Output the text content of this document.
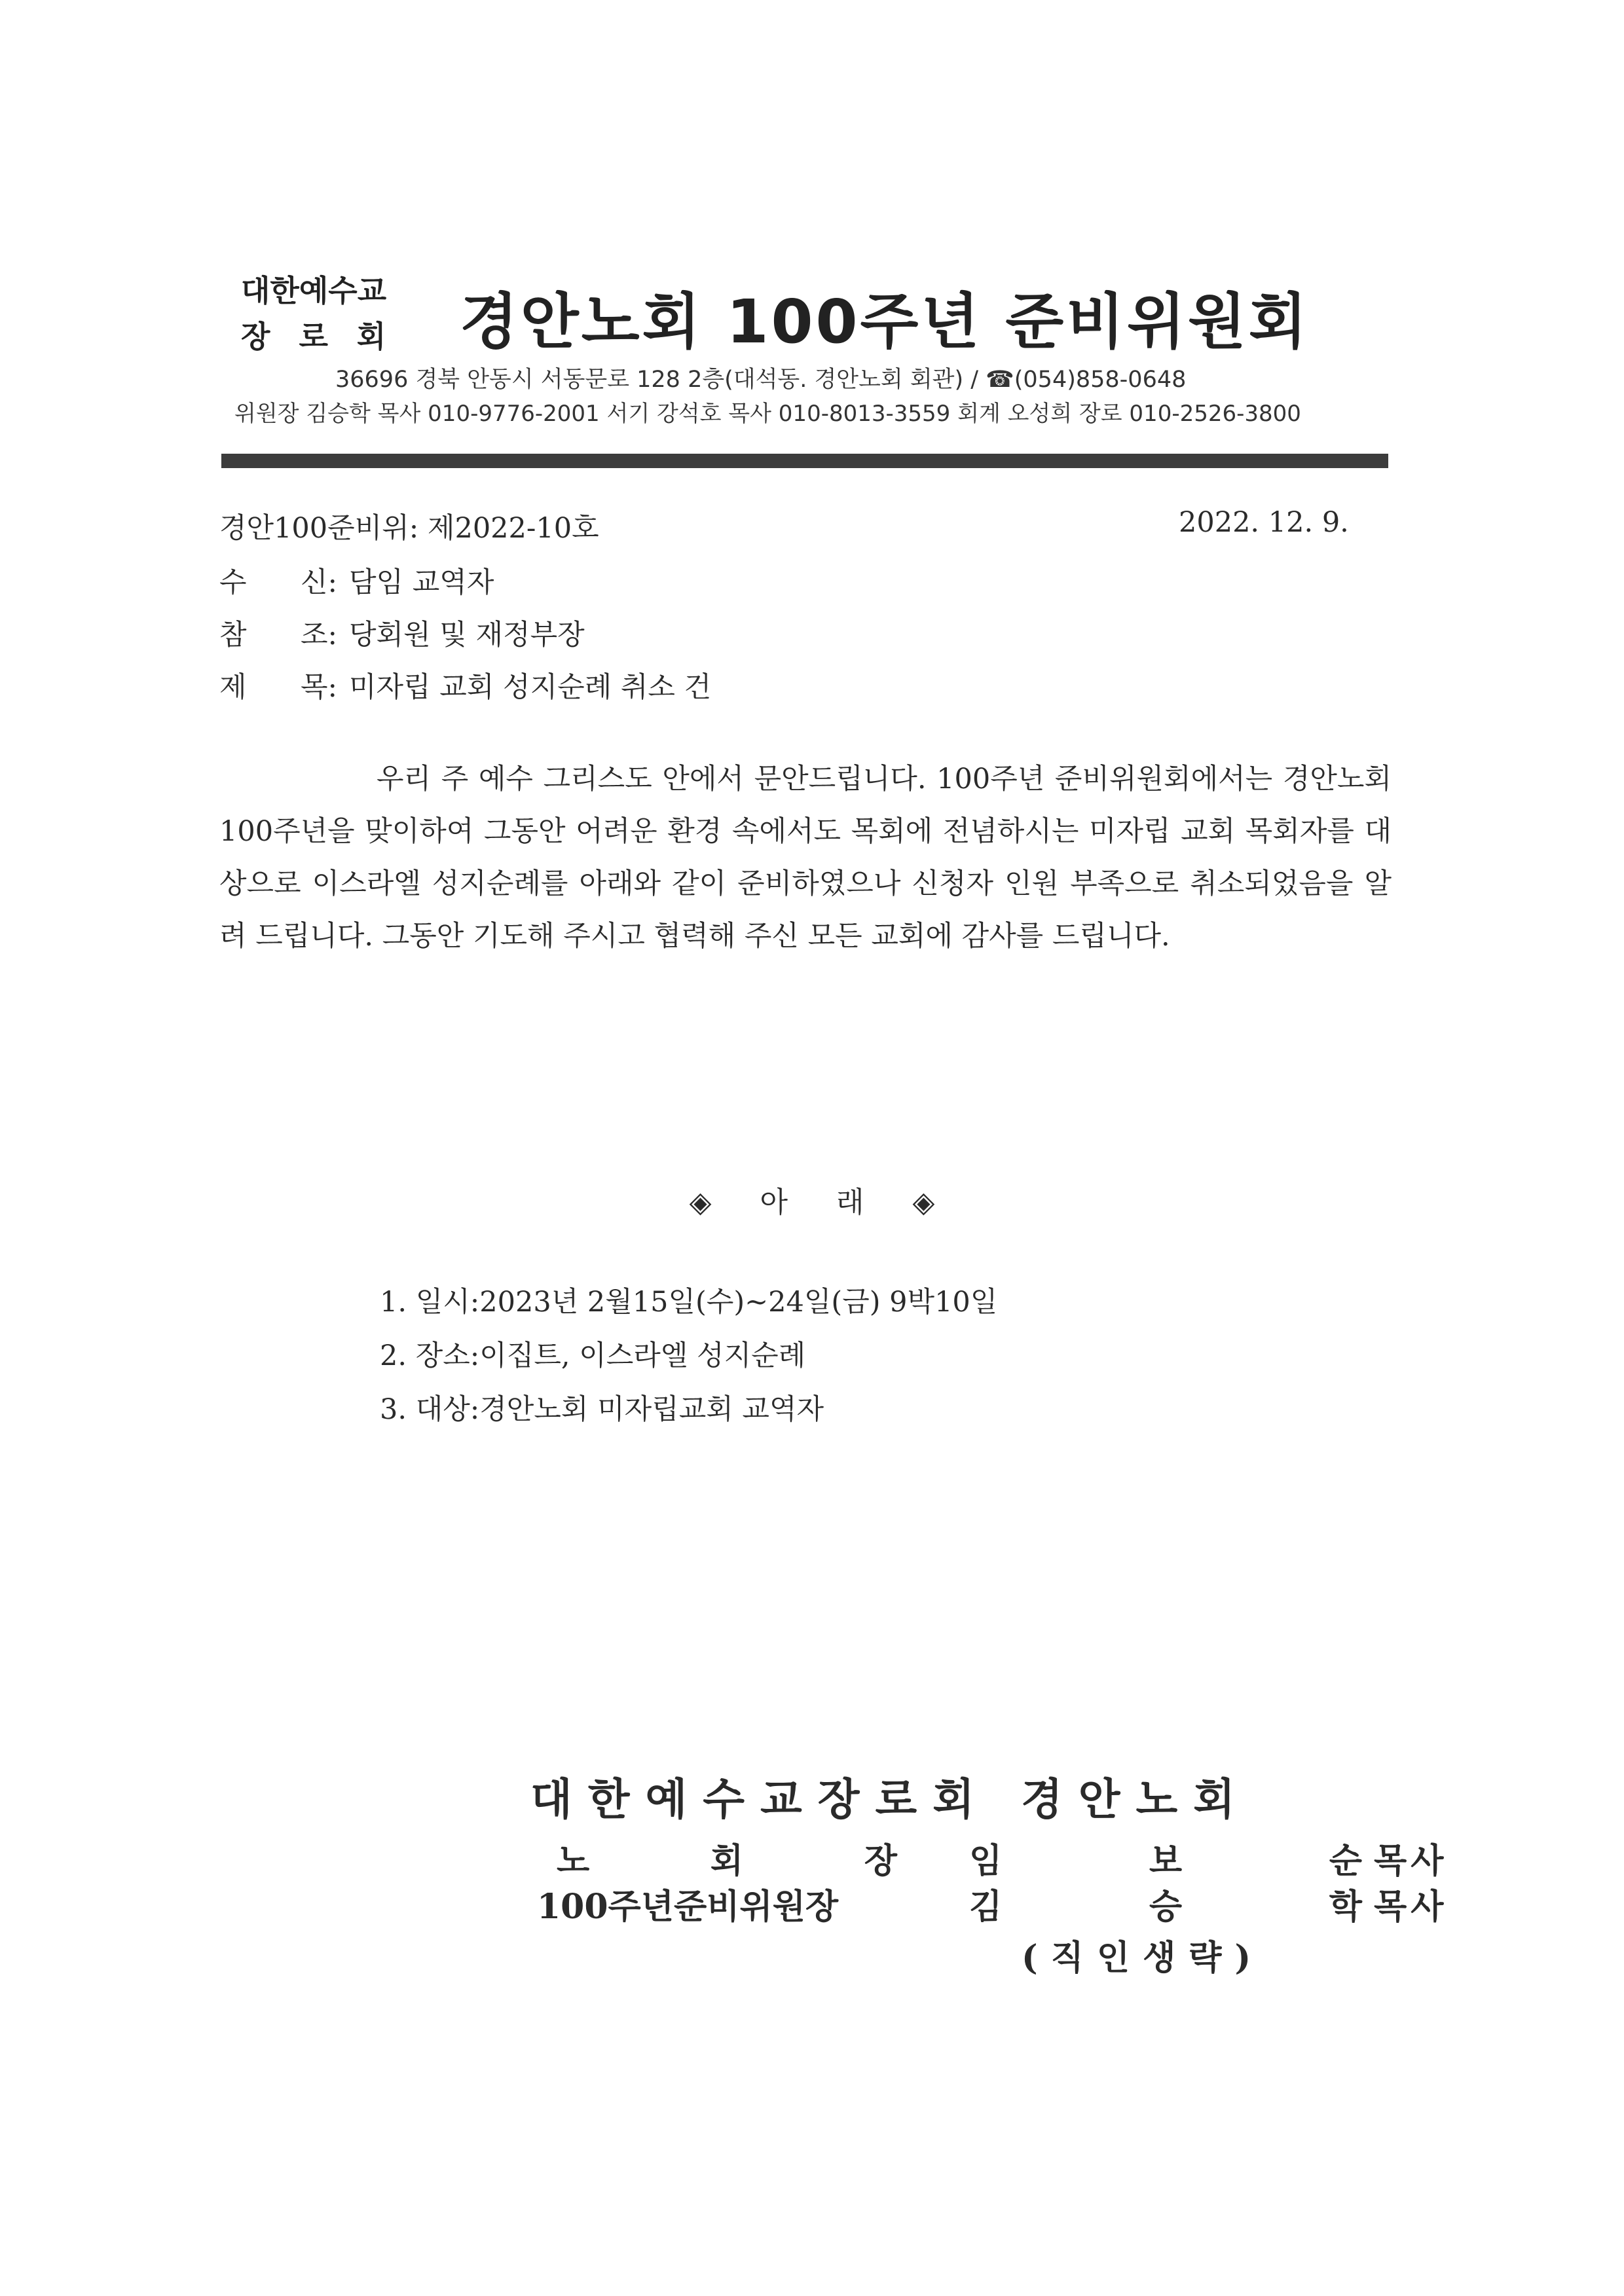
대한예수교
장 로 회 경안노회 100주년 준비위원회
36696 경북 안동시 서동문로 128 2층(대석동. 경안노회 회관) / ☎(054)858-0648
위원장 김승학 목사 010-9776-2001 서기 강석호 목사 010-8013-3559 회계 오성희 장로 010-2526-3800
경안100준비위: 제2022-10호	2022. 12. 9.
수 신: 담임 교역자
참 조: 당회원 및 재정부장
제 목: 미자립 교회 성지순례 취소 건
우리 주 예수 그리스도 안에서 문안드립니다. 100주년 준비위원회에서는 경안노회 100주년을 맞이하여 그동안 어려운 환경 속에서도 목회에 전념하시는 미자립 교회 목회자를 대상으로 이스라엘 성지순례를 아래와 같이 준비하였으나 신청자 인원 부족으로 취소되었음을 알려 드립니다. 그동안 기도해 주시고 협력해 주신 모든 교회에 감사를 드립니다.
◈ 아 래 ◈
1. 일시:2023년 2월15일(수)~24일(금) 9박10일
2. 장소:이집트, 이스라엘 성지순례
3. 대상:경안노회 미자립교회 교역자
대한예수교장로회 경안노회
노	회	장 임	보	순 목사
100주년준비위원장	김	승	학 목사
(직인생략)
